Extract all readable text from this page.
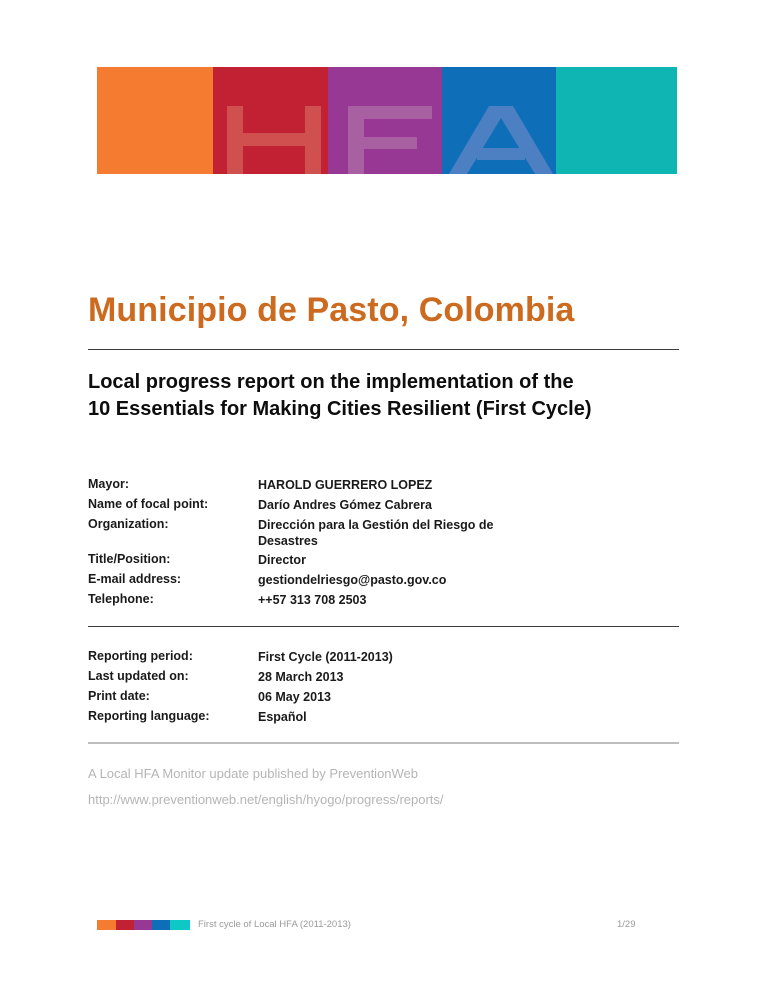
Municipio de Pasto, Colombia
Local progress report on the implementation of the
10 Essentials for Making Cities Resilient (First Cycle)
Mayor:	HAROLD GUERRERO LOPEZ
Name of focal point:	Darío Andres Gómez Cabrera
Organization:	Dirección para la Gestión del Riesgo de
Desastres
Title/Position:	Director
E-mail address:	gestiondelriesgo@pasto.gov.co
Telephone:	++57 313 708 2503
Reporting period:	First Cycle (2011-2013)
Last updated on:	28 March 2013
Print date:	06 May 2013
Reporting language:	Español
A Local HFA Monitor update published by PreventionWeb
http://www.preventionweb.net/english/hyogo/progress/reports/
First cycle of Local HFA (2011-2013)	1/29
